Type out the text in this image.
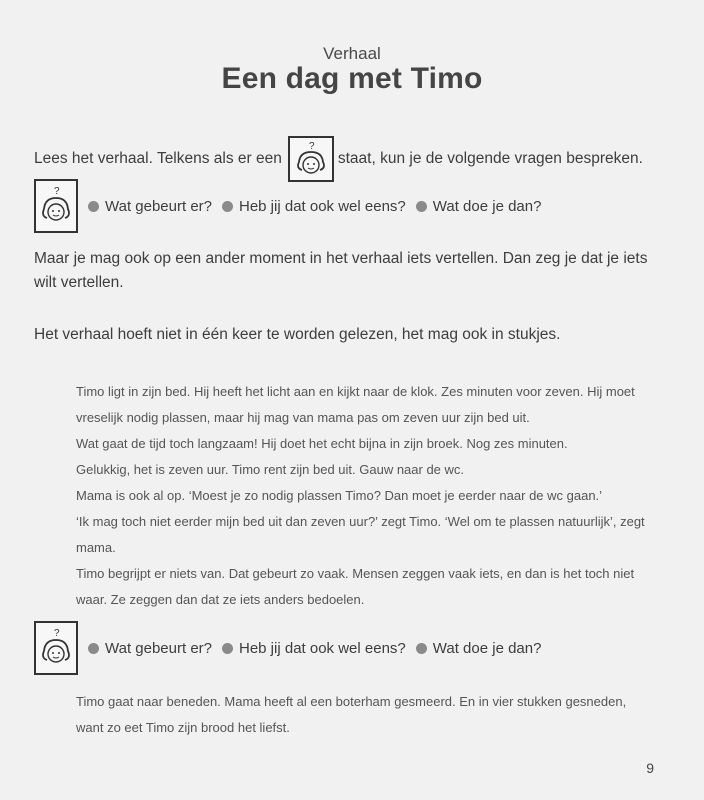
Verhaal
Een dag met Timo
Lees het verhaal. Telkens als er een
?
staat, kun je de volgende vragen bespreken.
?
Wat gebeurt er? Heb jij dat ook wel eens? Wat doe je dan?
Maar je mag ook op een ander moment in het verhaal iets vertellen. Dan zeg je dat je iets
wilt vertellen.
Het verhaal hoeft niet in één keer te worden gelezen, het mag ook in stukjes.
Timo ligt in zijn bed. Hij heeft het licht aan en kijkt naar de klok. Zes minuten voor zeven. Hij moet
vreselijk nodig plassen, maar hij mag van mama pas om zeven uur zijn bed uit.
Wat gaat de tijd toch langzaam! Hij doet het echt bijna in zijn broek. Nog zes minuten.
Gelukkig, het is zeven uur. Timo rent zijn bed uit. Gauw naar de wc.
Mama is ook al op. ‘Moest je zo nodig plassen Timo? Dan moet je eerder naar de wc gaan.’
‘Ik mag toch niet eerder mijn bed uit dan zeven uur?’ zegt Timo. ‘Wel om te plassen natuurlijk’, zegt
mama.
Timo begrijpt er niets van. Dat gebeurt zo vaak. Mensen zeggen vaak iets, en dan is het toch niet
waar. Ze zeggen dan dat ze iets anders bedoelen.
?
Wat gebeurt er? Heb jij dat ook wel eens? Wat doe je dan?
Timo gaat naar beneden. Mama heeft al een boterham gesmeerd. En in vier stukken gesneden,
want zo eet Timo zijn brood het liefst.
9
